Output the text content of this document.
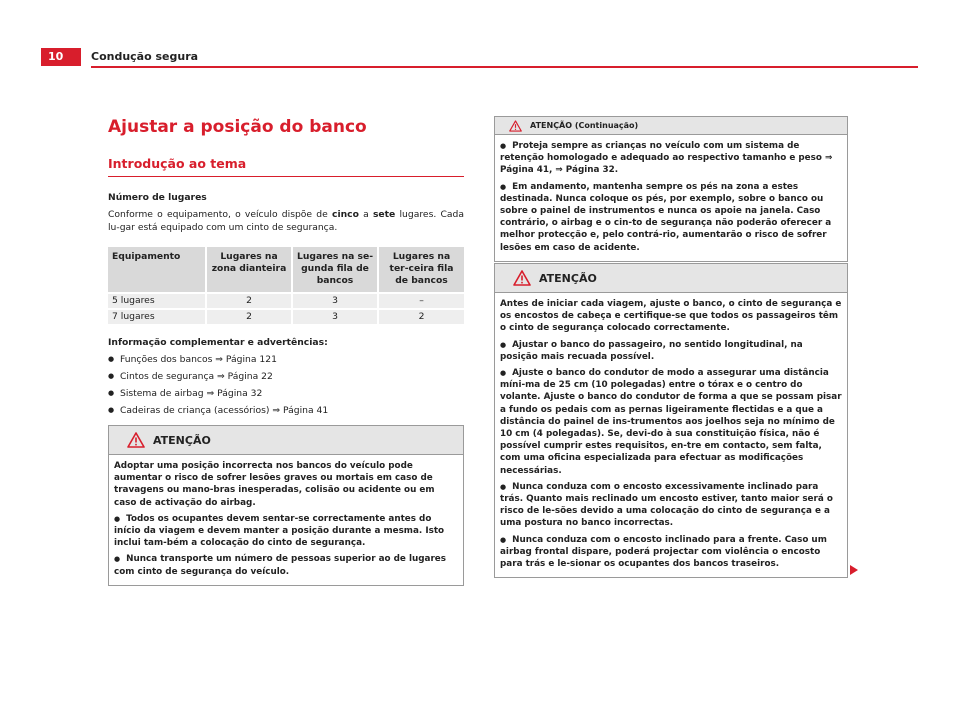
10	Condução segura
Ajustar a posição do banco
Introdução ao tema
Número de lugares
Conforme o equipamento, o veículo dispõe de cinco a sete lugares. Cada lu-gar está equipado com um cinto de segurança.
Equipamento	Lugares na zona dianteira	Lugares na se-gunda fila de bancos	Lugares na ter-ceira fila de bancos
5 lugares	2	3	–
7 lugares	2	3	2
Informação complementar e advertências:
● Funções dos bancos ⇒ Página 121
● Cintos de segurança ⇒ Página 22
● Sistema de airbag ⇒ Página 32
● Cadeiras de criança (acessórios) ⇒ Página 41
ATENÇÃO

Adoptar uma posição incorrecta nos bancos do veículo pode aumentar o risco de sofrer lesões graves ou mortais em caso de travagens ou mano-bras inesperadas, colisão ou acidente ou em caso de activação do airbag.

● Todos os ocupantes devem sentar-se correctamente antes do início da viagem e devem manter a posição durante a mesma. Isto inclui tam-bém a colocação do cinto de segurança.

● Nunca transporte um número de pessoas superior ao de lugares com cinto de segurança do veículo.

ATENÇÃO (Continuação)

● Proteja sempre as crianças no veículo com um sistema de retenção homologado e adequado ao respectivo tamanho e peso ⇒ Página 41, ⇒ Página 32.

● Em andamento, mantenha sempre os pés na zona a estes destinada. Nunca coloque os pés, por exemplo, sobre o banco ou sobre o painel de instrumentos e nunca os apoie na janela. Caso contrário, o airbag e o cin-to de segurança não poderão oferecer a melhor protecção e, pelo contrá-rio, aumentarão o risco de sofrer lesões em caso de acidente.

ATENÇÃO

Antes de iniciar cada viagem, ajuste o banco, o cinto de segurança e os encostos de cabeça e certifique-se que todos os passageiros têm o cinto de segurança colocado correctamente.

● Ajustar o banco do passageiro, no sentido longitudinal, na posição mais recuada possível.

● Ajuste o banco do condutor de modo a assegurar uma distância míni-ma de 25 cm (10 polegadas) entre o tórax e o centro do volante. Ajuste o banco do condutor de forma a que se possam pisar a fundo os pedais com as pernas ligeiramente flectidas e a que a distância do painel de ins-trumentos aos joelhos seja no mínimo de 10 cm (4 polegadas). Se, devi-do à sua constituição física, não é possível cumprir estes requisitos, en-tre em contacto, sem falta, com uma oficina especializada para efectuar as modificações necessárias.

● Nunca conduza com o encosto excessivamente inclinado para trás. Quanto mais reclinado um encosto estiver, tanto maior será o risco de le-sões devido a uma colocação do cinto de segurança e a uma postura no banco incorrectas.

● Nunca conduza com o encosto inclinado para a frente. Caso um airbag frontal dispare, poderá projectar com violência o encosto para trás e le-sionar os ocupantes dos bancos traseiros.
